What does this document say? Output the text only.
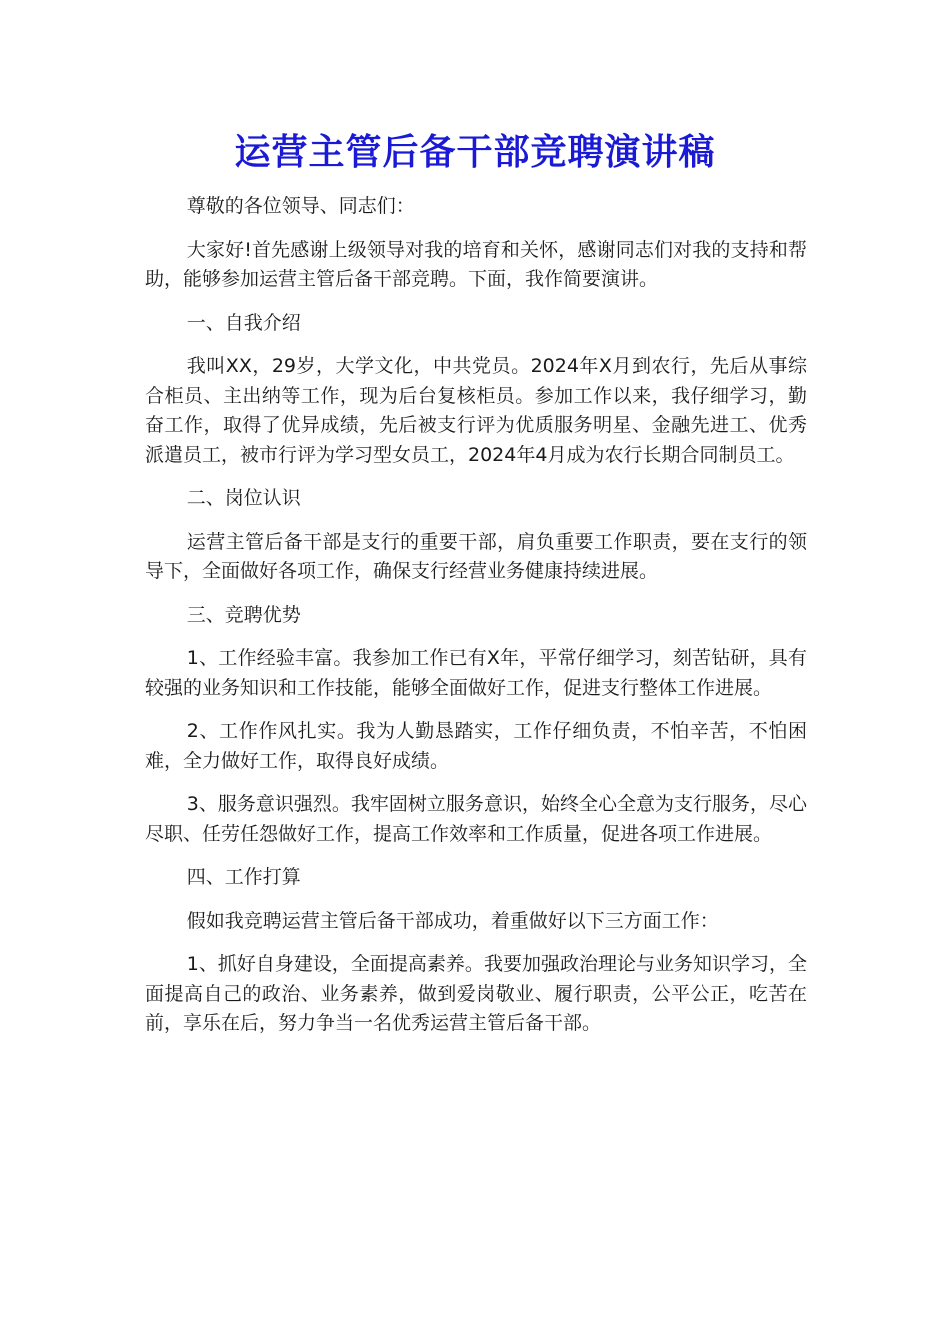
运营主管后备干部竞聘演讲稿

尊敬的各位领导、同志们：

大家好!首先感谢上级领导对我的培育和关怀，感谢同志们对我的支持和帮助，能够参加运营主管后备干部竞聘。下面，我作简要演讲。

一、自我介绍

我叫XX，29岁，大学文化，中共党员。2024年X月到农行，先后从事综合柜员、主出纳等工作，现为后台复核柜员。参加工作以来，我仔细学习，勤奋工作，取得了优异成绩，先后被支行评为优质服务明星、金融先进工、优秀派遣员工，被市行评为学习型女员工，2024年4月成为农行长期合同制员工。

二、岗位认识

运营主管后备干部是支行的重要干部，肩负重要工作职责，要在支行的领导下，全面做好各项工作，确保支行经营业务健康持续进展。

三、竞聘优势

1、工作经验丰富。我参加工作已有X年，平常仔细学习，刻苦钻研，具有较强的业务知识和工作技能，能够全面做好工作，促进支行整体工作进展。

2、工作作风扎实。我为人勤恳踏实，工作仔细负责，不怕辛苦，不怕困难，全力做好工作，取得良好成绩。

3、服务意识强烈。我牢固树立服务意识，始终全心全意为支行服务，尽心尽职、任劳任怨做好工作，提高工作效率和工作质量，促进各项工作进展。

四、工作打算

假如我竞聘运营主管后备干部成功，着重做好以下三方面工作：

1、抓好自身建设，全面提高素养。我要加强政治理论与业务知识学习，全面提高自己的政治、业务素养，做到爱岗敬业、履行职责，公平公正，吃苦在前，享乐在后，努力争当一名优秀运营主管后备干部。
